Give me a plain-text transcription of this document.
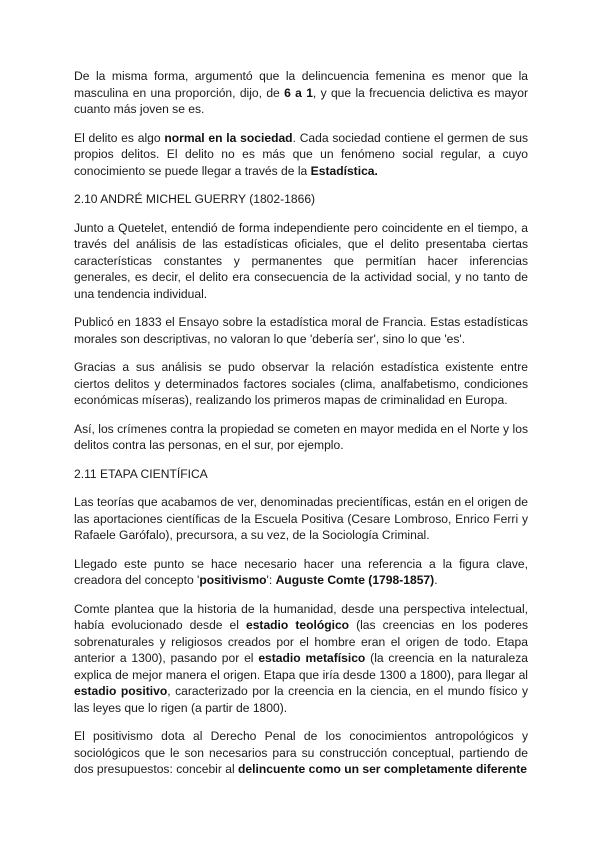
De la misma forma, argumentó que la delincuencia femenina es menor que la masculina en una proporción, dijo, de 6 a 1, y que la frecuencia delictiva es mayor cuanto más joven se es.

El delito es algo normal en la sociedad. Cada sociedad contiene el germen de sus propios delitos. El delito no es más que un fenómeno social regular, a cuyo conocimiento se puede llegar a través de la Estadística.

2.10 ANDRÉ MICHEL GUERRY (1802-1866)

Junto a Quetelet, entendió de forma independiente pero coincidente en el tiempo, a través del análisis de las estadísticas oficiales, que el delito presentaba ciertas características constantes y permanentes que permitían hacer inferencias generales, es decir, el delito era consecuencia de la actividad social, y no tanto de una tendencia individual.

Publicó en 1833 el Ensayo sobre la estadística moral de Francia. Estas estadísticas morales son descriptivas, no valoran lo que 'debería ser', sino lo que 'es'.

Gracias a sus análisis se pudo observar la relación estadística existente entre ciertos delitos y determinados factores sociales (clima, analfabetismo, condiciones económicas míseras), realizando los primeros mapas de criminalidad en Europa.

Así, los crímenes contra la propiedad se cometen en mayor medida en el Norte y los delitos contra las personas, en el sur, por ejemplo.

2.11 ETAPA CIENTÍFICA

Las teorías que acabamos de ver, denominadas precientíficas, están en el origen de las aportaciones científicas de la Escuela Positiva (Cesare Lombroso, Enrico Ferri y Rafaele Garófalo), precursora, a su vez, de la Sociología Criminal.

Llegado este punto se hace necesario hacer una referencia a la figura clave, creadora del concepto 'positivismo': Auguste Comte (1798-1857).

Comte plantea que la historia de la humanidad, desde una perspectiva intelectual, había evolucionado desde el estadio teológico (las creencias en los poderes sobrenaturales y religiosos creados por el hombre eran el origen de todo. Etapa anterior a 1300), pasando por el estadio metafísico (la creencia en la naturaleza explica de mejor manera el origen. Etapa que iría desde 1300 a 1800), para llegar al estadio positivo, caracterizado por la creencia en la ciencia, en el mundo físico y las leyes que lo rigen (a partir de 1800).

El positivismo dota al Derecho Penal de los conocimientos antropológicos y sociológicos que le son necesarios para su construcción conceptual, partiendo de dos presupuestos: concebir al delincuente como un ser completamente diferente
